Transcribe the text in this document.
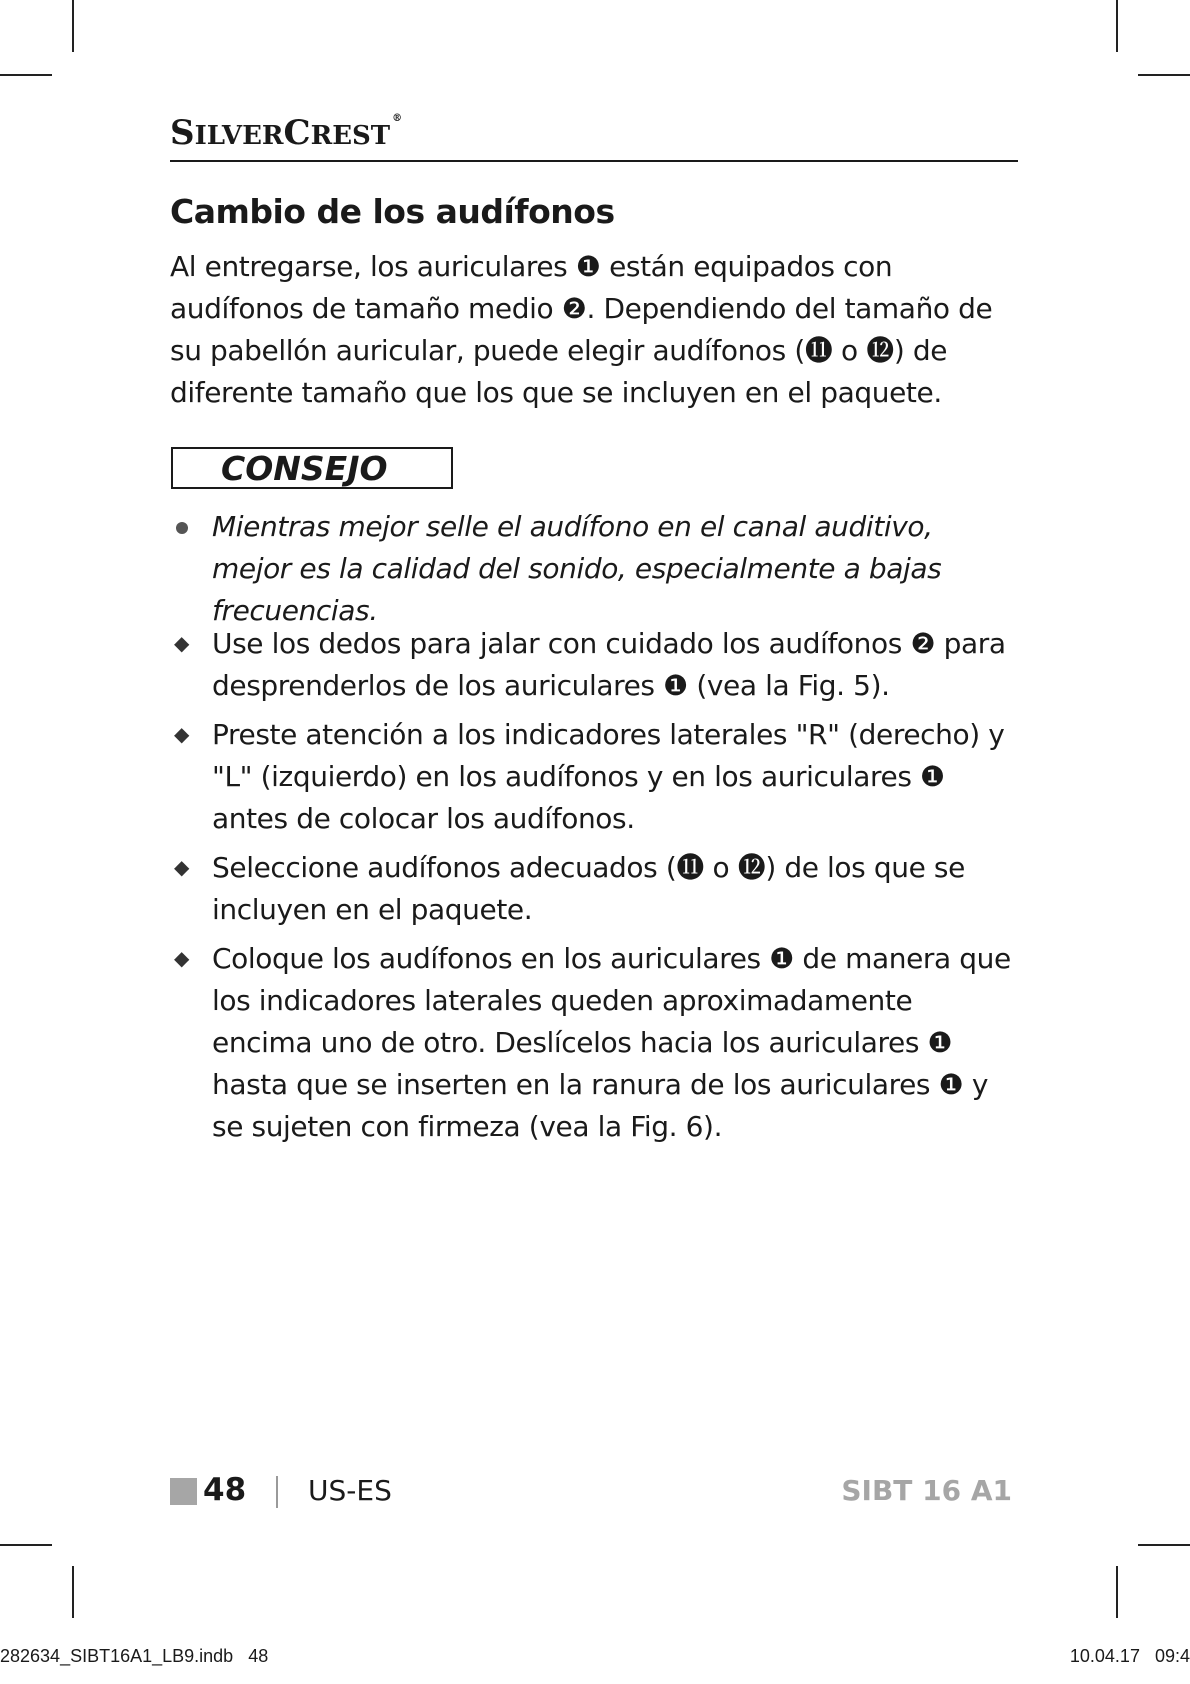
SILVERCREST®
Cambio de los audífonos

Al entregarse, los auriculares ❶ están equipados con audífonos de tamaño medio ❷. Dependiendo del tamaño de su pabellón auricular, puede elegir audífonos (⓫ o ⓬) de diferente tamaño que los que se incluyen en el paquete.

CONSEJO
Mientras mejor selle el audífono en el canal auditivo, mejor es la calidad del sonido, especialmente a bajas frecuencias.
◆ Use los dedos para jalar con cuidado los audífonos ❷ para desprenderlos de los auriculares ❶ (vea la Fig. 5).
◆ Preste atención a los indicadores laterales "R" (derecho) y "L" (izquierdo) en los audífonos y en los auriculares ❶ antes de colocar los audífonos.
◆ Seleccione audífonos adecuados (⓫ o ⓬) de los que se incluyen en el paquete.
◆ Coloque los audífonos en los auriculares ❶ de manera que los indicadores laterales queden aproximadamente encima uno de otro. Deslícelos hacia los auriculares ❶ hasta que se inserten en la ranura de los auriculares ❶ y se sujeten con firmeza (vea la Fig. 6).
48 US-ES	SIBT 16 A1
282634_SIBT16A1_LB9.indb   48	10.04.17   09:4
